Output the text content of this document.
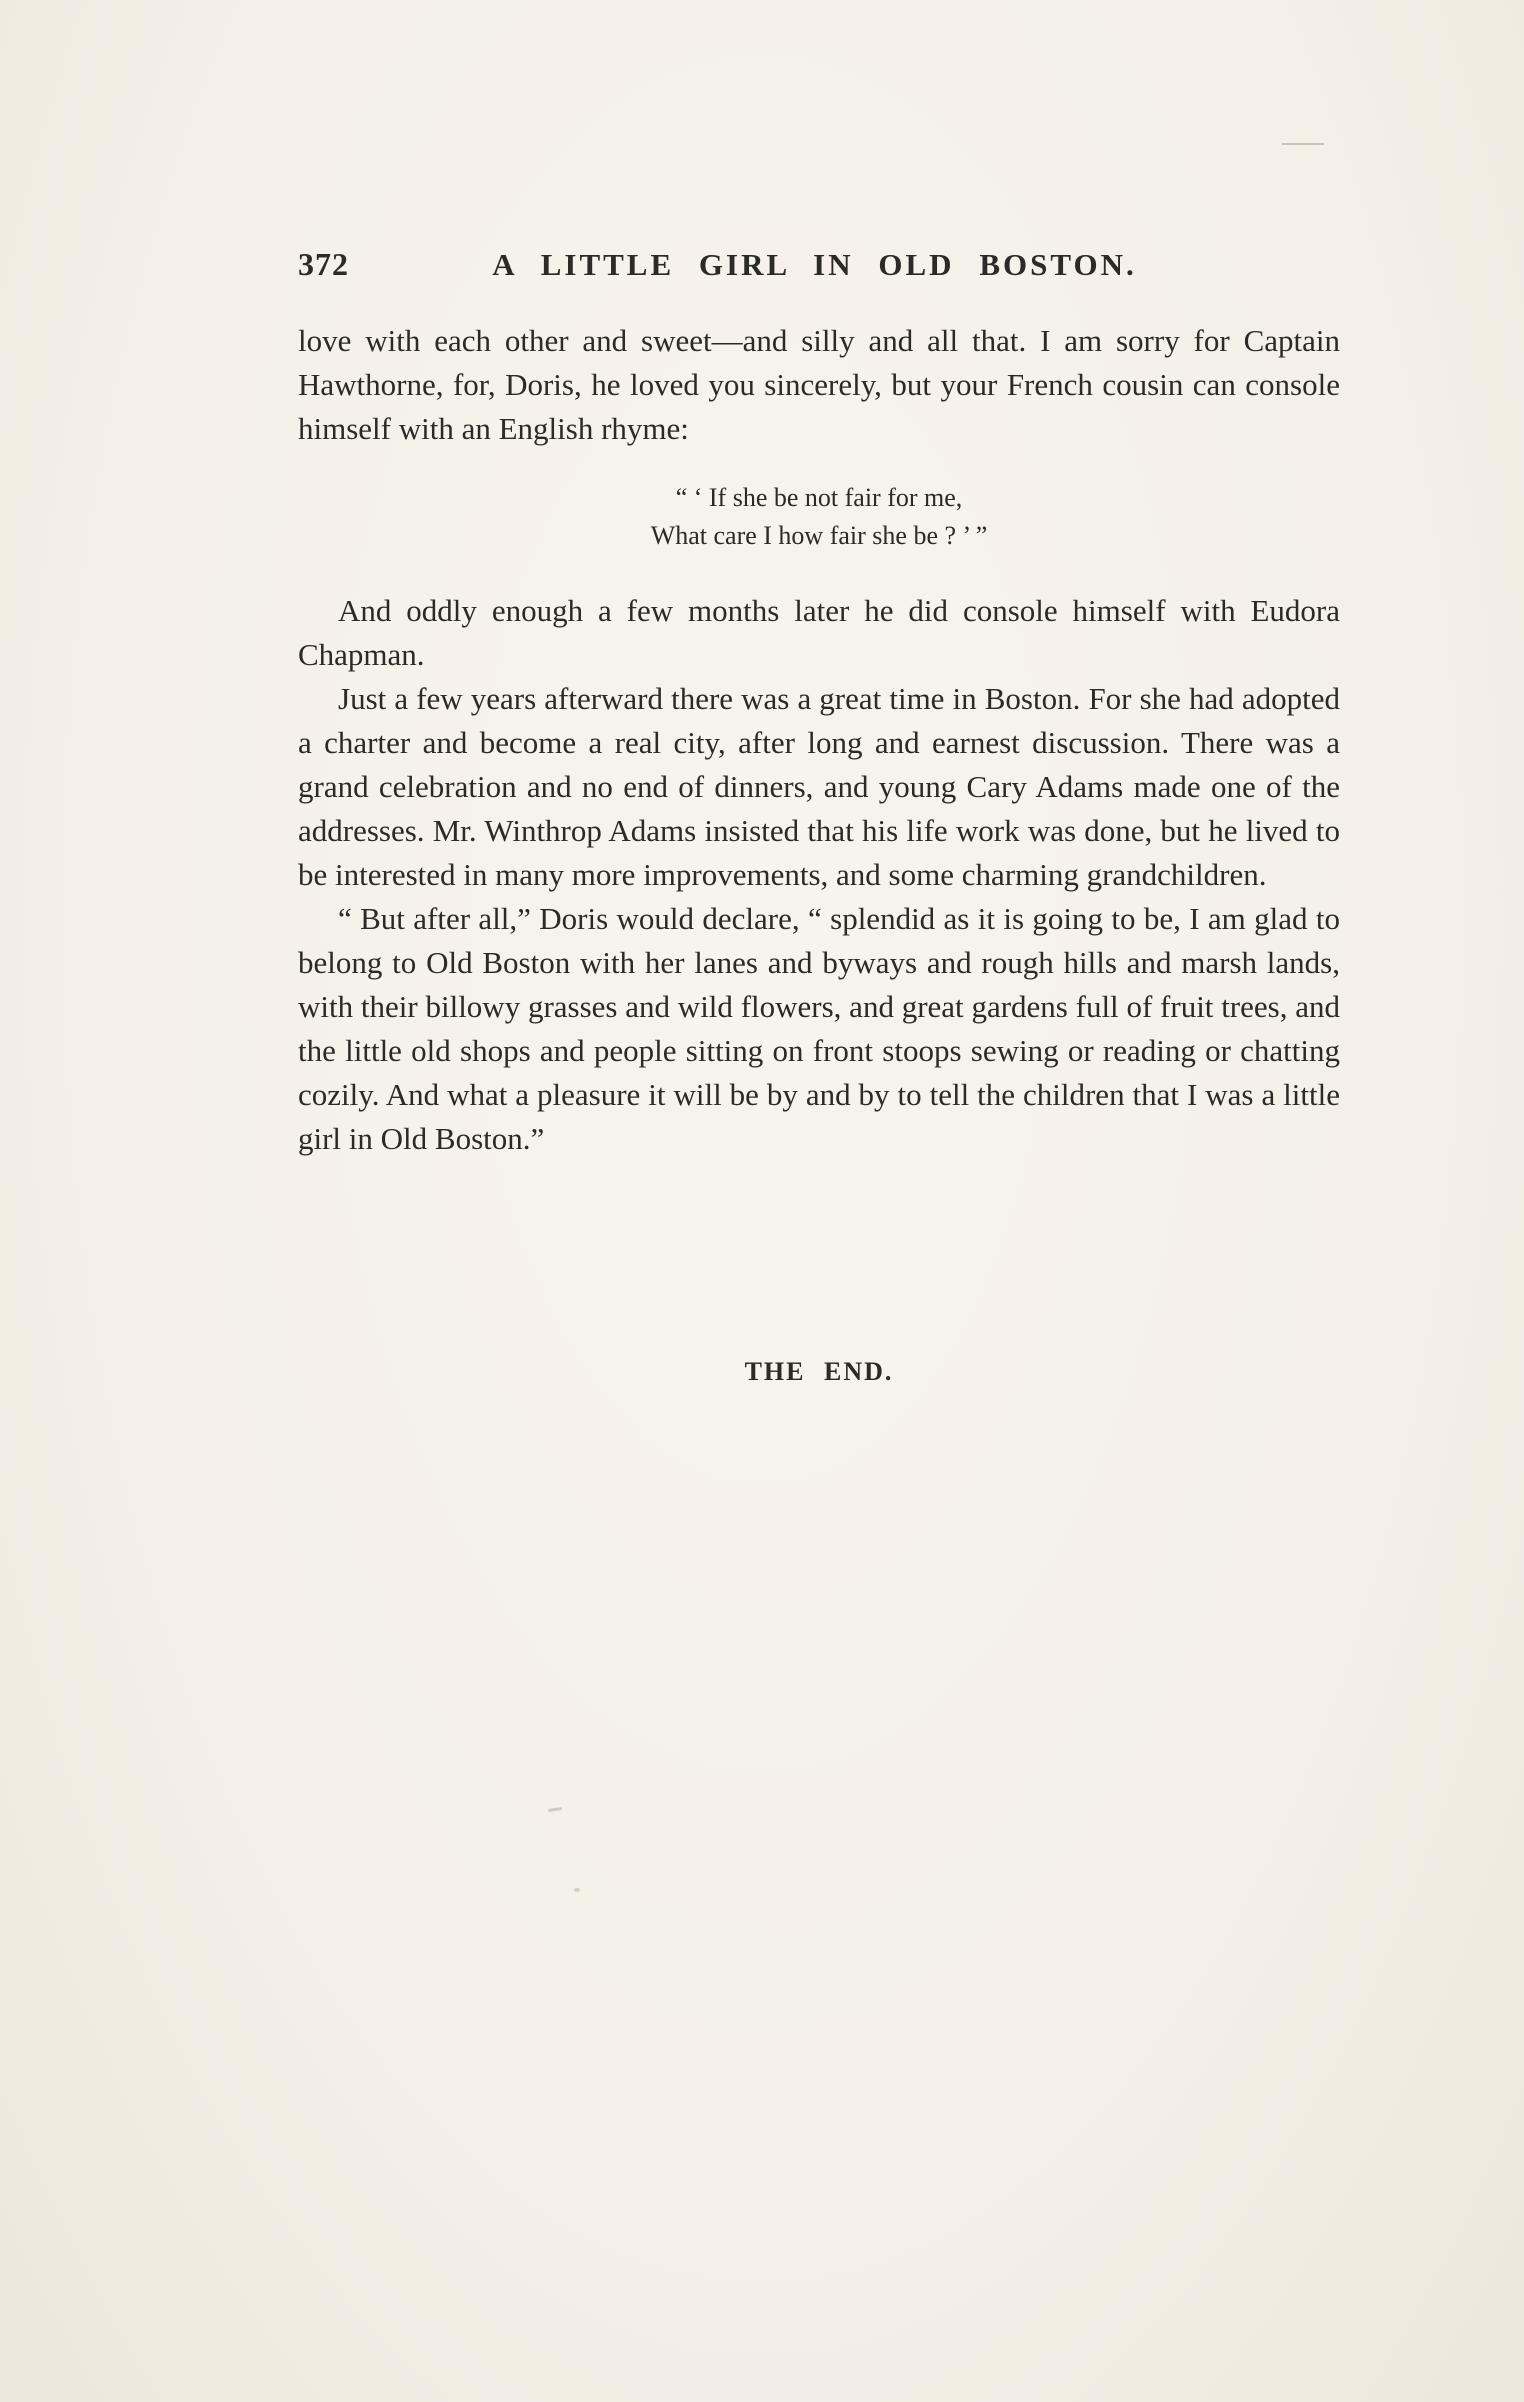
372	A LITTLE GIRL IN OLD BOSTON.

love with each other and sweet—and silly and all that. I am sorry for Captain Hawthorne, for, Doris, he loved you sincerely, but your French cousin can console himself with an English rhyme:

“ ‘ If she be not fair for me,
What care I how fair she be ? ’ ”

And oddly enough a few months later he did console himself with Eudora Chapman.

Just a few years afterward there was a great time in Boston. For she had adopted a charter and become a real city, after long and earnest discussion. There was a grand celebration and no end of dinners, and young Cary Adams made one of the addresses. Mr. Winthrop Adams insisted that his life work was done, but he lived to be interested in many more improvements, and some charming grandchildren.

“ But after all,” Doris would declare, “ splendid as it is going to be, I am glad to belong to Old Boston with her lanes and byways and rough hills and marsh lands, with their billowy grasses and wild flowers, and great gardens full of fruit trees, and the little old shops and people sitting on front stoops sewing or reading or chatting cozily. And what a pleasure it will be by and by to tell the children that I was a little girl in Old Boston.”

THE END.
